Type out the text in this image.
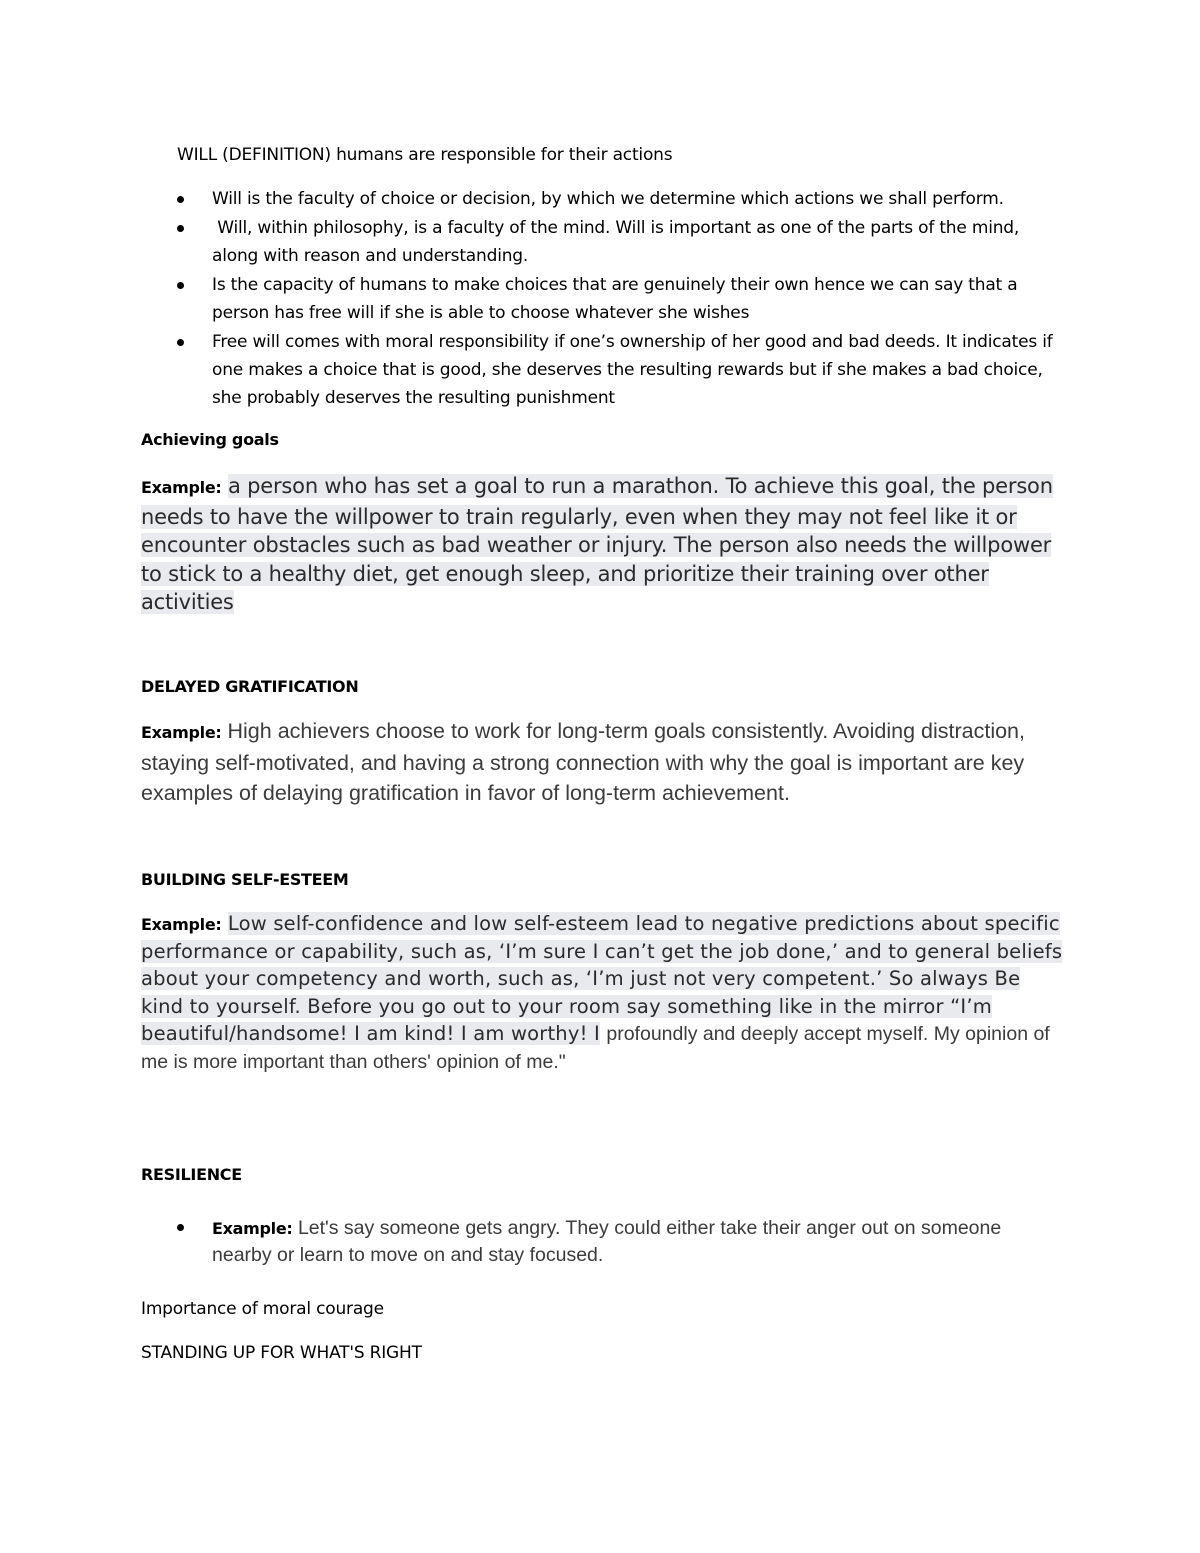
WILL (DEFINITION) humans are responsible for their actions
Will is the faculty of choice or decision, by which we determine which actions we shall perform.
Will, within philosophy, is a faculty of the mind. Will is important as one of the parts of the mind, along with reason and understanding.
Is the capacity of humans to make choices that are genuinely their own hence we can say that a person has free will if she is able to choose whatever she wishes
Free will comes with moral responsibility if one’s ownership of her good and bad deeds. It indicates if one makes a choice that is good, she deserves the resulting rewards but if she makes a bad choice, she probably deserves the resulting punishment
Achieving goals
Example: a person who has set a goal to run a marathon. To achieve this goal, the person needs to have the willpower to train regularly, even when they may not feel like it or encounter obstacles such as bad weather or injury. The person also needs the willpower to stick to a healthy diet, get enough sleep, and prioritize their training over other activities
DELAYED GRATIFICATION
Example: High achievers choose to work for long-term goals consistently. Avoiding distraction, staying self-motivated, and having a strong connection with why the goal is important are key examples of delaying gratification in favor of long-term achievement.
BUILDING SELF-ESTEEM
Example: Low self-confidence and low self-esteem lead to negative predictions about specific performance or capability, such as, ‘I’m sure I can’t get the job done,’ and to general beliefs about your competency and worth, such as, ‘I’m just not very competent.’ So always Be kind to yourself. Before you go out to your room say something like in the mirror “I’m beautiful/handsome! I am kind! I am worthy! I profoundly and deeply accept myself. My opinion of me is more important than others' opinion of me."
RESILIENCE
Example: Let's say someone gets angry. They could either take their anger out on someone nearby or learn to move on and stay focused.
Importance of moral courage
STANDING UP FOR WHAT'S RIGHT
